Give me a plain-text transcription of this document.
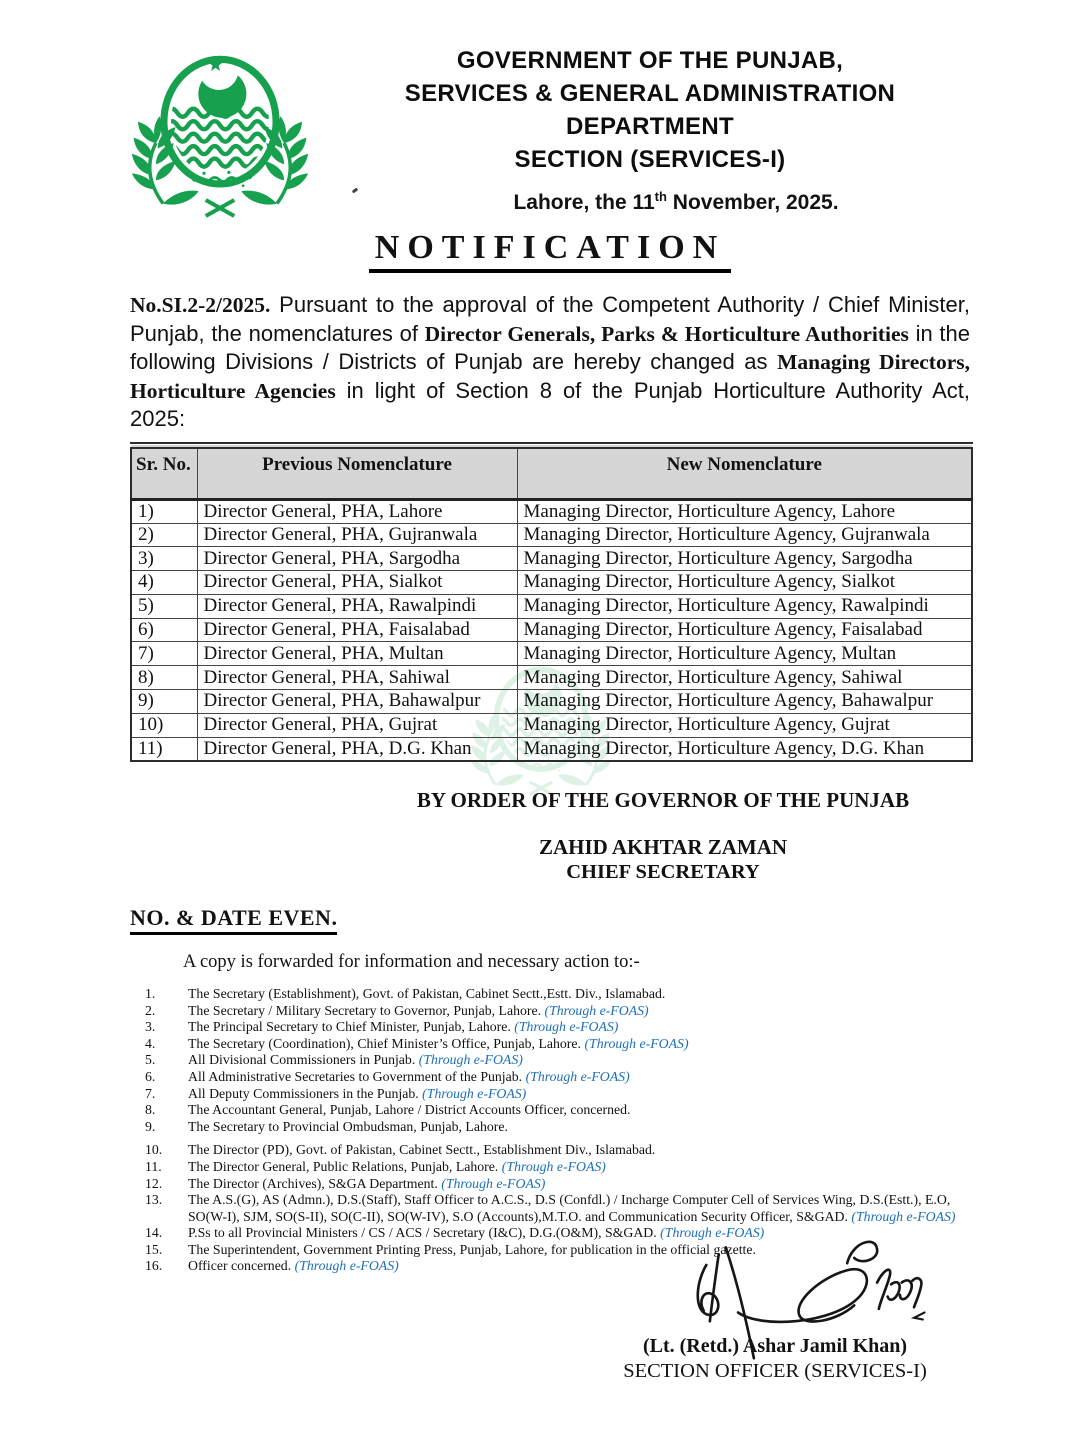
GOVERNMENT OF THE PUNJAB,
SERVICES & GENERAL ADMINISTRATION
DEPARTMENT
SECTION (SERVICES-I)
Lahore, the 11th November, 2025.
NOTIFICATION

No.SI.2-2/2025. Pursuant to the approval of the Competent Authority / Chief Minister, Punjab, the nomenclatures of Director Generals, Parks & Horticulture Authorities in the following Divisions / Districts of Punjab are hereby changed as Managing Directors, Horticulture Agencies in light of Section 8 of the Punjab Horticulture Authority Act, 2025:

Sr. No.	Previous Nomenclature	New Nomenclature
1)	Director General, PHA, Lahore	Managing Director, Horticulture Agency, Lahore
2)	Director General, PHA, Gujranwala	Managing Director, Horticulture Agency, Gujranwala
3)	Director General, PHA, Sargodha	Managing Director, Horticulture Agency, Sargodha
4)	Director General, PHA, Sialkot	Managing Director, Horticulture Agency, Sialkot
5)	Director General, PHA, Rawalpindi	Managing Director, Horticulture Agency, Rawalpindi
6)	Director General, PHA, Faisalabad	Managing Director, Horticulture Agency, Faisalabad
7)	Director General, PHA, Multan	Managing Director, Horticulture Agency, Multan
8)	Director General, PHA, Sahiwal	Managing Director, Horticulture Agency, Sahiwal
9)	Director General, PHA, Bahawalpur	Managing Director, Horticulture Agency, Bahawalpur
10)	Director General, PHA, Gujrat	Managing Director, Horticulture Agency, Gujrat
11)	Director General, PHA, D.G. Khan	Managing Director, Horticulture Agency, D.G. Khan
BY ORDER OF THE GOVERNOR OF THE PUNJAB
ZAHID AKHTAR ZAMAN
CHIEF SECRETARY
NO. & DATE EVEN.
A copy is forwarded for information and necessary action to:-
1.	The Secretary (Establishment), Govt. of Pakistan, Cabinet Sectt.,Estt. Div., Islamabad.
2.	The Secretary / Military Secretary to Governor, Punjab, Lahore. (Through e-FOAS)
3.	The Principal Secretary to Chief Minister, Punjab, Lahore. (Through e-FOAS)
4.	The Secretary (Coordination), Chief Minister’s Office, Punjab, Lahore. (Through e-FOAS)
5.	All Divisional Commissioners in Punjab. (Through e-FOAS)
6.	All Administrative Secretaries to Government of the Punjab. (Through e-FOAS)
7.	All Deputy Commissioners in the Punjab. (Through e-FOAS)
8.	The Accountant General, Punjab, Lahore / District Accounts Officer, concerned.
9.	The Secretary to Provincial Ombudsman, Punjab, Lahore.
10.	The Director (PD), Govt. of Pakistan, Cabinet Sectt., Establishment Div., Islamabad.
11.	The Director General, Public Relations, Punjab, Lahore. (Through e-FOAS)
12.	The Director (Archives), S&GA Department. (Through e-FOAS)
13.	The A.S.(G), AS (Admn.), D.S.(Staff), Staff Officer to A.C.S., D.S (Confdl.) / Incharge Computer Cell of Services Wing, D.S.(Estt.), E.O, SO(W-I), SJM, SO(S-II), SO(C-II), SO(W-IV), S.O (Accounts),M.T.O. and Communication Security Officer, S&GAD. (Through e-FOAS)
14.	P.Ss to all Provincial Ministers / CS / ACS / Secretary (I&C), D.G.(O&M), S&GAD. (Through e-FOAS)
15.	The Superintendent, Government Printing Press, Punjab, Lahore, for publication in the official gazette.
16.	Officer concerned. (Through e-FOAS)
(Lt. (Retd.) Ashar Jamil Khan)
SECTION OFFICER (SERVICES-I)
